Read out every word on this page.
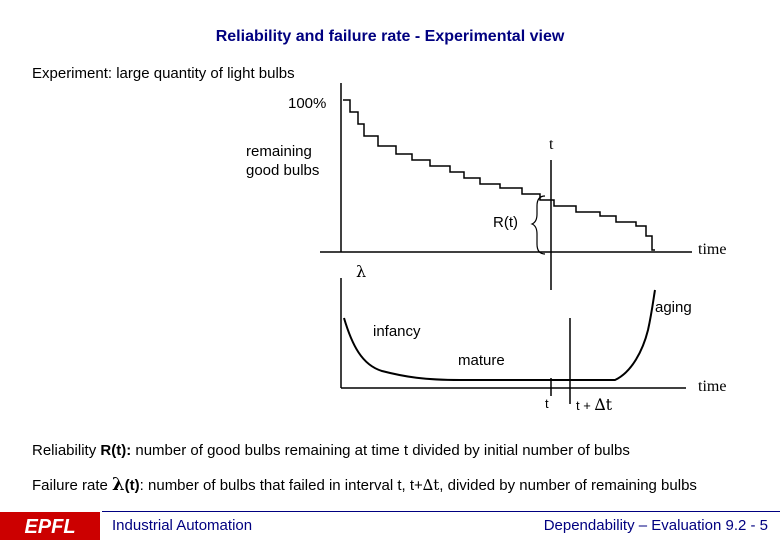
Reliability and failure rate - Experimental view
Experiment: large quantity of light bulbs
EPFL
100%
remaining
good bulbs
t
R(t)
time
λ
aging
infancy
mature
t t + ∆t
time
Reliability R(t): number of good bulbs remaining at time t divided by initial number of bulbs
Failure rate λ(t): number of bulbs that failed in interval t, t+∆t, divided by number of remaining bulbs
Industrial Automation	Dependability – Evaluation 9.2 - 5
